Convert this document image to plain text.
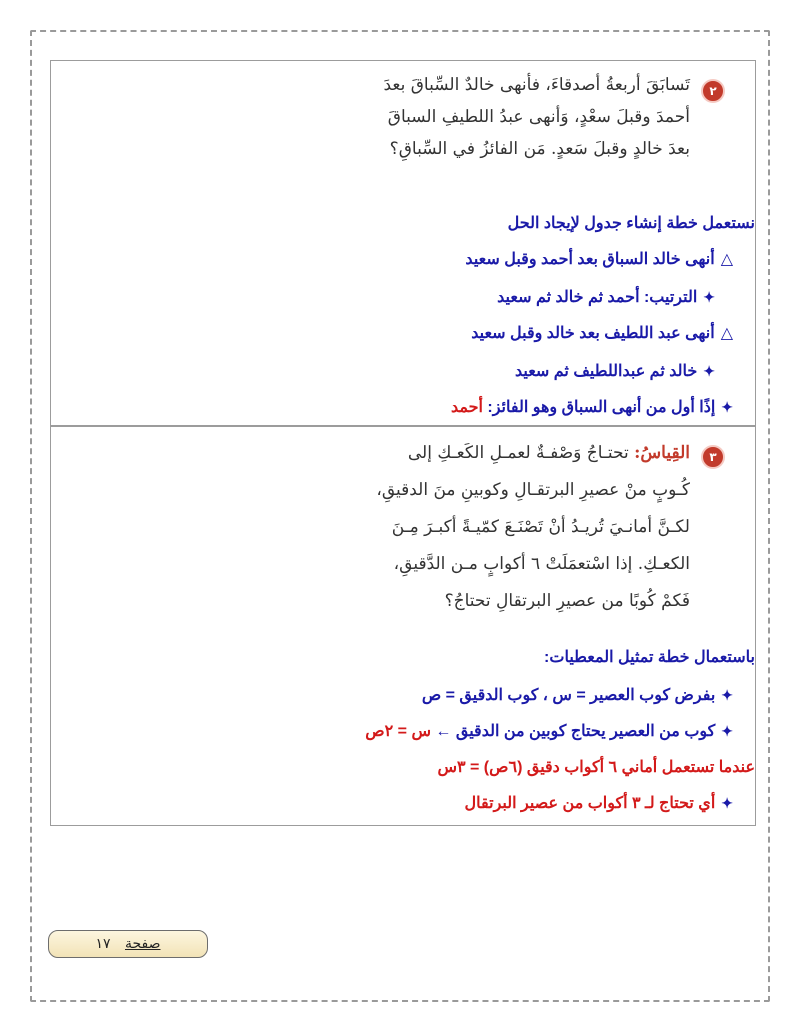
٢
تَسابَقَ أربعةُ أصدقاءَ، فأنهى خالدٌ السِّباقَ بعدَ
أحمدَ وقبلَ سعْدٍ، وَأنهى عبدُ اللطيفِ السباقَ
بعدَ خالدٍ وقبلَ سَعدٍ. مَن الفائزُ في السِّباقِ؟
نستعمل خطة إنشاء جدول لإيجاد الحل
△أنهى خالد السباق بعد أحمد وقبل سعيد
✦الترتيب: أحمد ثم خالد ثم سعيد
△أنهى عبد اللطيف بعد خالد وقبل سعيد
✦خالد ثم عبداللطيف ثم سعيد
✦إذًا أول من أنهى السباق وهو الفائز: أحمد
٣
القِياسُ: تحتـاجُ وَصْفـةٌ لعمـلِ الكَعـكِ إلى
كُـوبٍ منْ عصيرِ البرتقـالِ وكوبينِ منَ الدقيقِ،
لكـنَّ أمانـيَ تُريـدُ أنْ تَصْنَـعَ كمّيـةً أكبـرَ مِـنَ
الكعـكِ. إذا اسْتعمَلَتْ ٦ أكوابٍ مـن الدَّقيقِ،
فَكمْ كُوبًا من عصيرِ البرتقالِ تحتاجُ؟
باستعمال خطة تمثيل المعطيات:
✦بفرض كوب العصير = س ، كوب الدقيق = ص
✦كوب من العصير يحتاج كوبين من الدقيق ← س = ٢ص
عندما تستعمل أماني ٦ أكواب دقيق (٦ص) = ٣س
✦أي تحتاج لـ ٣ أكواب من عصير البرتقال
صفحة ١٧
